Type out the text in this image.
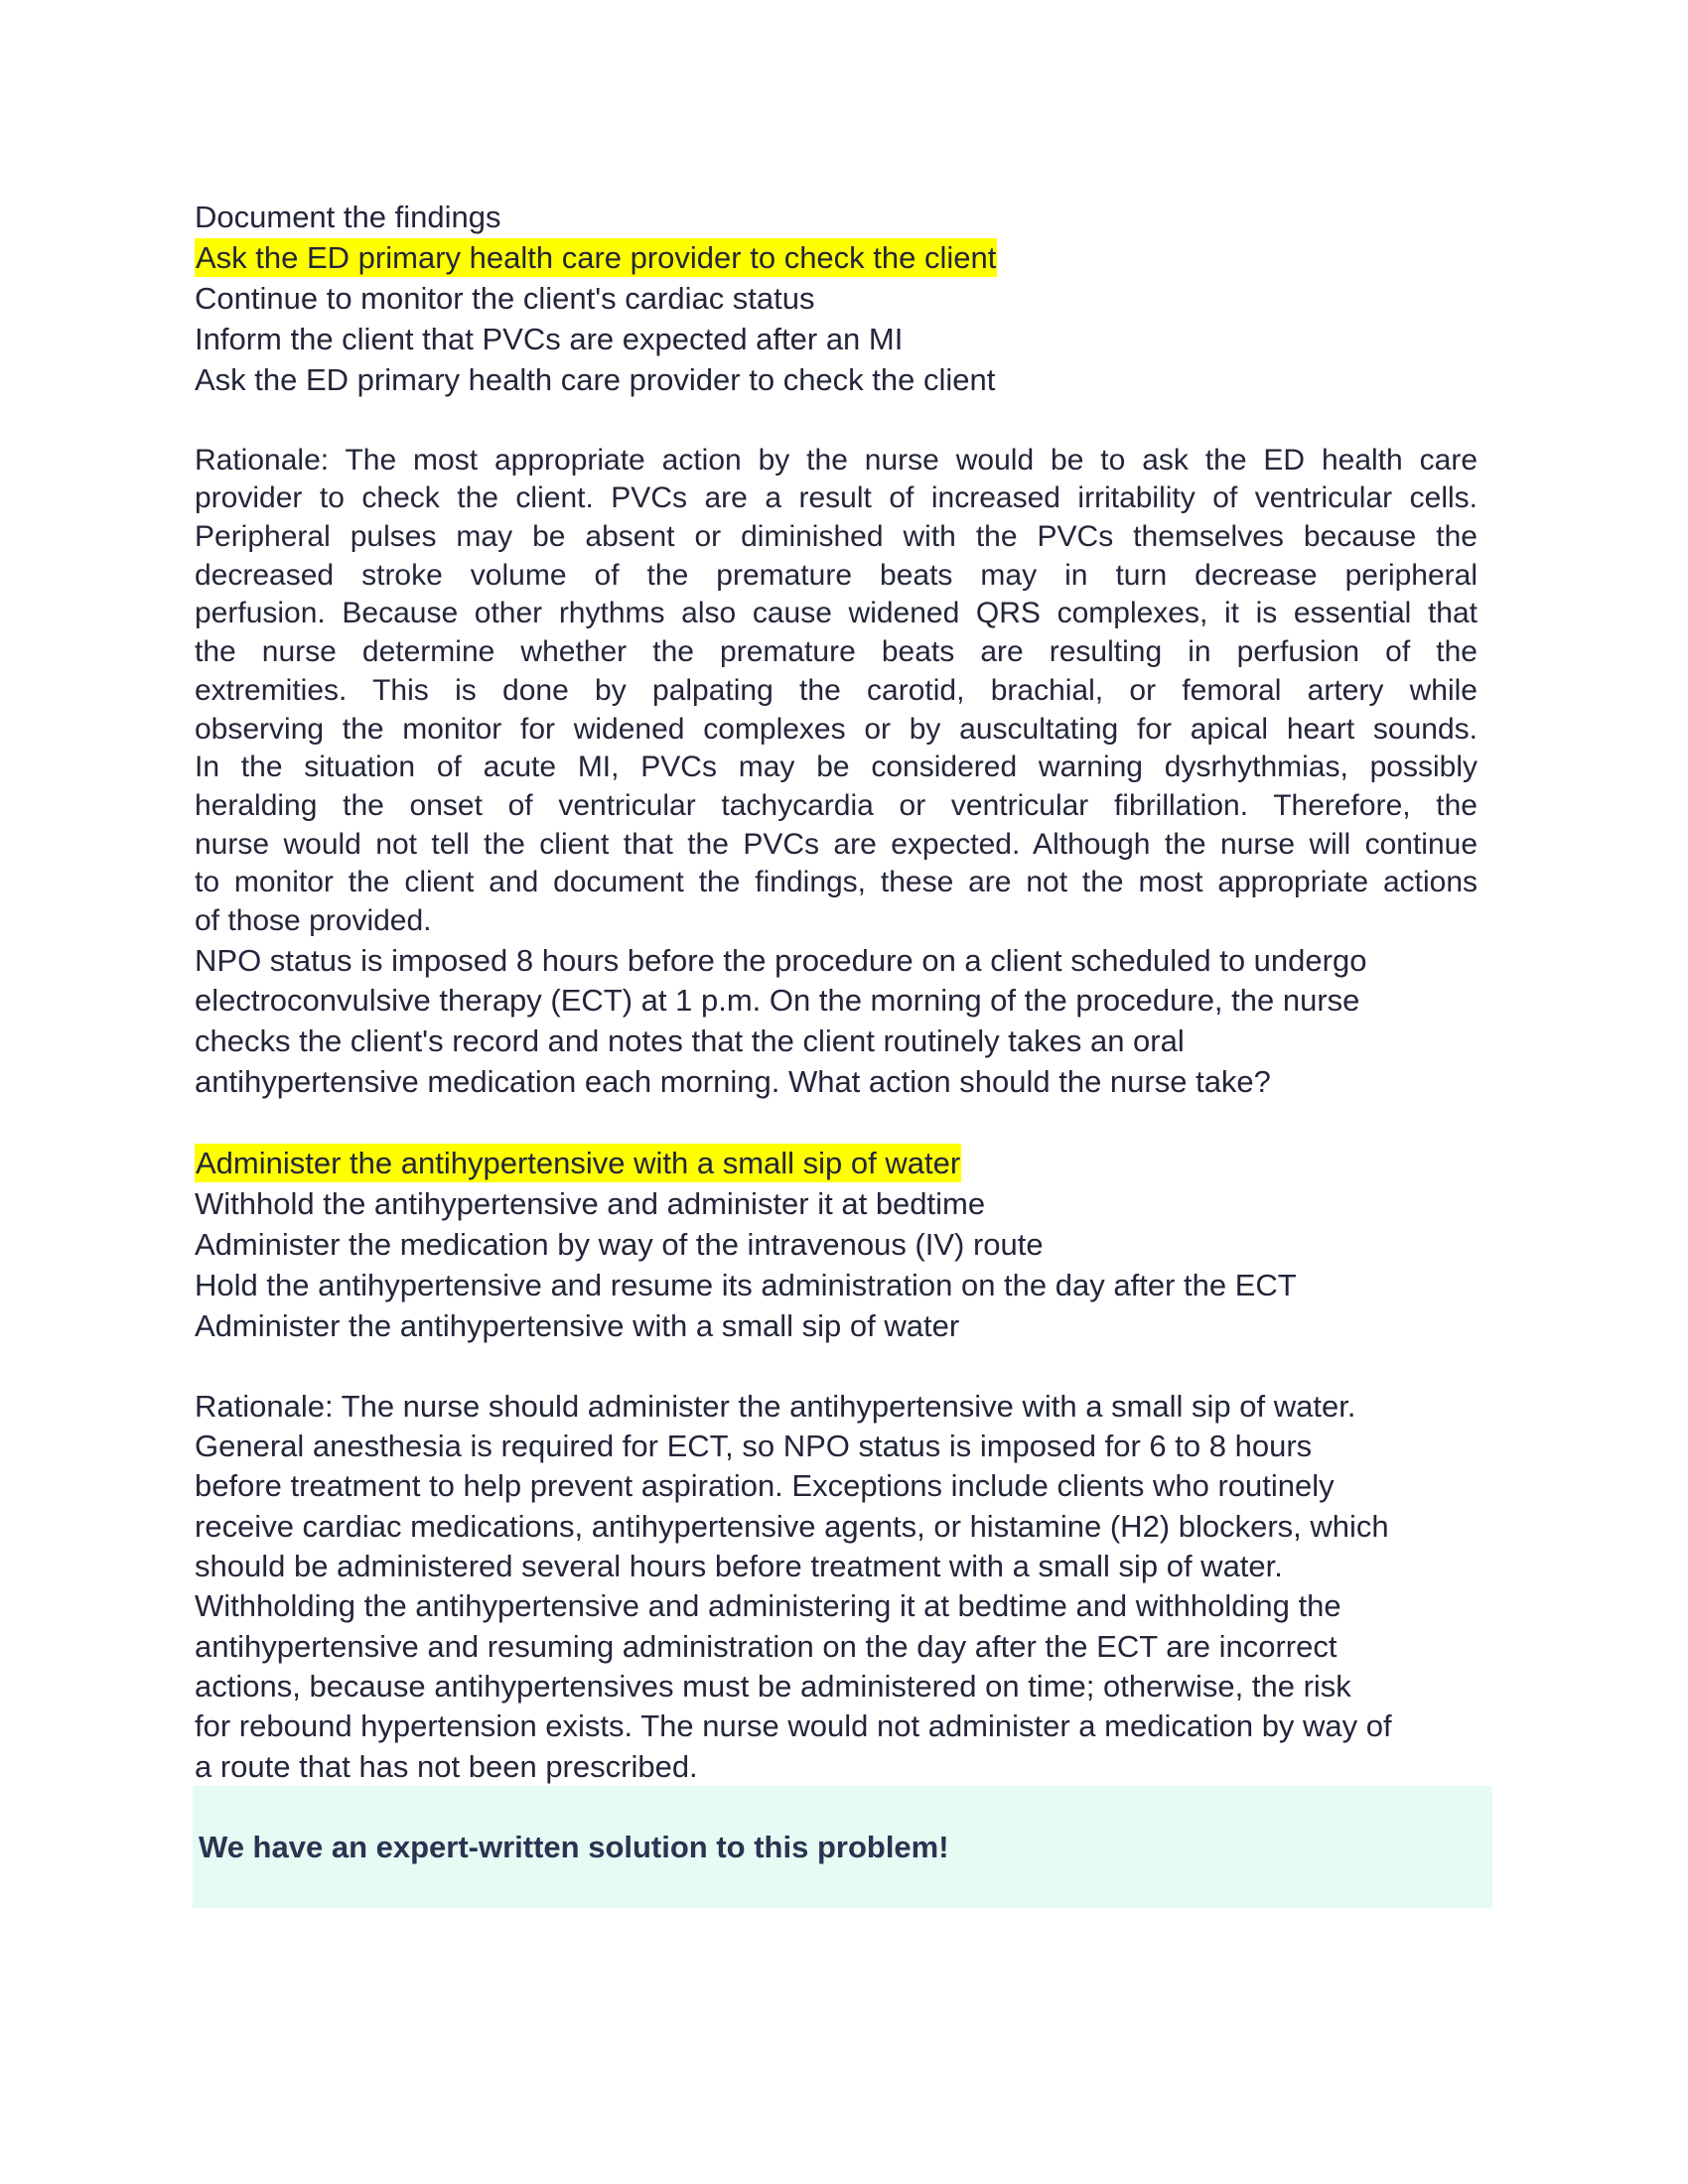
Document the findings
Ask the ED primary health care provider to check the client
Continue to monitor the client's cardiac status
Inform the client that PVCs are expected after an MI
Ask the ED primary health care provider to check the client
Rationale: The most appropriate action by the nurse would be to ask the ED health care
provider to check the client. PVCs are a result of increased irritability of ventricular cells.
Peripheral pulses may be absent or diminished with the PVCs themselves because the
decreased stroke volume of the premature beats may in turn decrease peripheral
perfusion. Because other rhythms also cause widened QRS complexes, it is essential that
the nurse determine whether the premature beats are resulting in perfusion of the
extremities. This is done by palpating the carotid, brachial, or femoral artery while
observing the monitor for widened complexes or by auscultating for apical heart sounds.
In the situation of acute MI, PVCs may be considered warning dysrhythmias, possibly
heralding the onset of ventricular tachycardia or ventricular fibrillation. Therefore, the
nurse would not tell the client that the PVCs are expected. Although the nurse will continue
to monitor the client and document the findings, these are not the most appropriate actions
of those provided.
NPO status is imposed 8 hours before the procedure on a client scheduled to undergo
electroconvulsive therapy (ECT) at 1 p.m. On the morning of the procedure, the nurse
checks the client's record and notes that the client routinely takes an oral
antihypertensive medication each morning. What action should the nurse take?
Administer the antihypertensive with a small sip of water
Withhold the antihypertensive and administer it at bedtime
Administer the medication by way of the intravenous (IV) route
Hold the antihypertensive and resume its administration on the day after the ECT
Administer the antihypertensive with a small sip of water
Rationale: The nurse should administer the antihypertensive with a small sip of water.
General anesthesia is required for ECT, so NPO status is imposed for 6 to 8 hours
before treatment to help prevent aspiration. Exceptions include clients who routinely
receive cardiac medications, antihypertensive agents, or histamine (H2) blockers, which
should be administered several hours before treatment with a small sip of water.
Withholding the antihypertensive and administering it at bedtime and withholding the
antihypertensive and resuming administration on the day after the ECT are incorrect
actions, because antihypertensives must be administered on time; otherwise, the risk
for rebound hypertension exists. The nurse would not administer a medication by way of
a route that has not been prescribed.
We have an expert-written solution to this problem!
